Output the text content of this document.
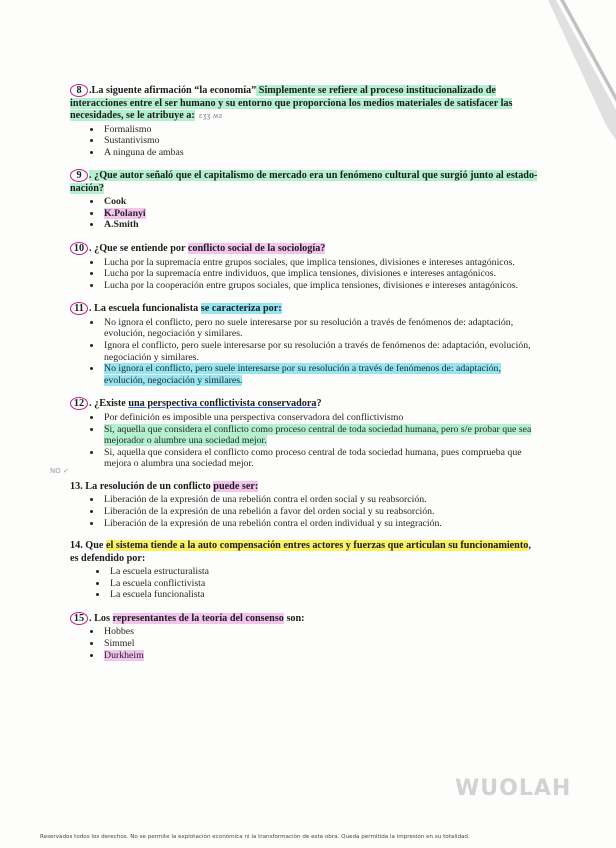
8 .La siguente afirmación “la economía” Simplemente se refiere al proceso institucionalizado de interacciones entre el ser humano y su entorno que proporciona los medios materiales de satisfacer las necesidades, se le atribuye a: ɛʒʒ ʍƨ
• Formalismo
• Sustantivismo
• A ninguna de ambas
9 . ¿Que autor señaló que el capitalismo de mercado era un fenómeno cultural que surgió junto al estado-nación?
• Cook
• K.Polanyi
• A.Smith
10 . ¿Que se entiende por conflicto social de la sociología?
• Lucha por la supremacía entre grupos sociales, que implica tensiones, divisiones e intereses antagónicos.
• Lucha por la supremacía entre individuos, que implica tensiones, divisiones e intereses antagónicos.
• Lucha por la cooperación entre grupos sociales, que implica tensiones, divisiones e intereses antagónicos.
11 . La escuela funcionalista se caracteriza por:
• No ignora el conflicto, pero no suele interesarse por su resolución a través de fenómenos de: adaptación, evolución, negociación y similares.
• Ignora el conflicto, pero suele interesarse por su resolución a través de fenómenos de: adaptación, evolución, negociación y similares.
• No ignora el conflicto, pero suele interesarse por su resolución a través de fenómenos de: adaptación, evolución, negociación y similares.
12 . ¿Existe una perspectiva conflictivista conservadora?
• Por definición es imposible una perspectiva conservadora del conflictivismo
• Si, aquella que considera el conflicto como proceso central de toda sociedad humana, pero s/e probar que sea mejorador o alumbre una sociedad mejor.
• Si, aquella que considera el conflicto como proceso central de toda sociedad humana, pues comprueba que mejora o alumbra una sociedad mejor.
NO ✓
13. La resolución de un conflicto puede ser:
• Liberación de la expresión de una rebelión contra el orden social y su reabsorción.
• Liberación de la expresión de una rebelión a favor del orden social y su reabsorción.
• Liberación de la expresión de una rebelión contra el orden individual y su integración.
14. Que el sistema tiende a la auto compensación entres actores y fuerzas que articulan su funcionamiento, es defendido por:
• La escuela estructuralista
• La escuela conflictivista
• La escuela funcionalista
15 . Los representantes de la teoría del consenso son:
• Hobbes
• Simmel
• Durkheim
WUOLAH
Reservados todos los derechos. No se permite la explotación económica ni la transformación de esta obra. Queda permitida la impresión en su totalidad.
